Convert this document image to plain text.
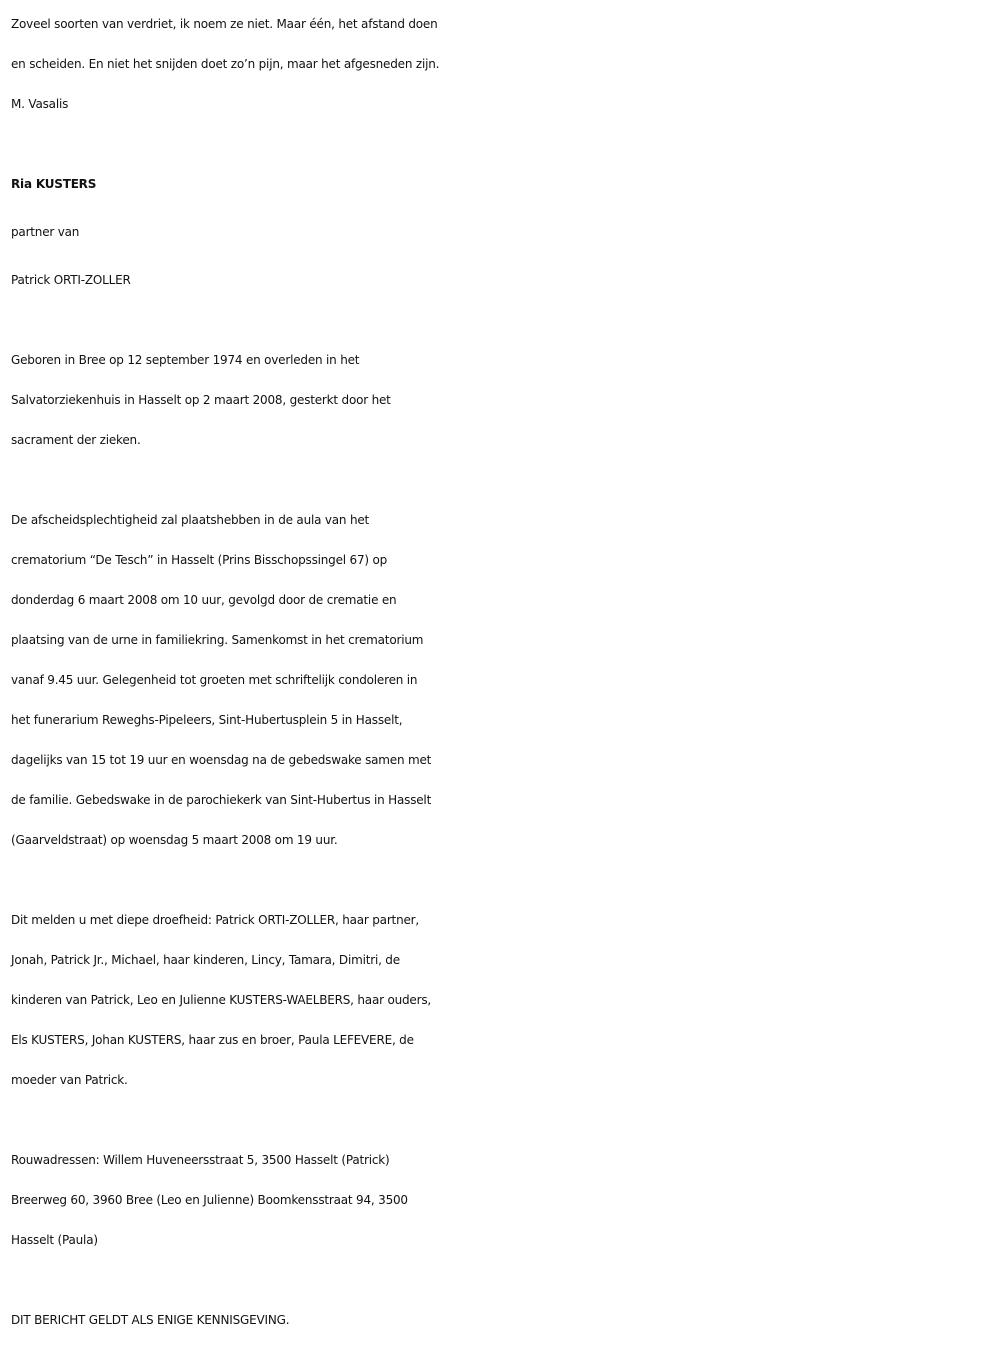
Zoveel soorten van verdriet, ik noem ze niet. Maar één, het afstand doen
en scheiden. En niet het snijden doet zo’n pijn, maar het afgesneden zijn.
M. Vasalis
Ria KUSTERS
partner van
Patrick ORTI-ZOLLER
Geboren in Bree op 12 september 1974 en overleden in het
Salvatorziekenhuis in Hasselt op 2 maart 2008, gesterkt door het
sacrament der zieken.
De afscheidsplechtigheid zal plaatshebben in de aula van het
crematorium “De Tesch” in Hasselt (Prins Bisschopssingel 67) op
donderdag 6 maart 2008 om 10 uur, gevolgd door de crematie en
plaatsing van de urne in familiekring. Samenkomst in het crematorium
vanaf 9.45 uur. Gelegenheid tot groeten met schriftelijk condoleren in
het funerarium Reweghs-Pipeleers, Sint-Hubertusplein 5 in Hasselt,
dagelijks van 15 tot 19 uur en woensdag na de gebedswake samen met
de familie. Gebedswake in de parochiekerk van Sint-Hubertus in Hasselt
(Gaarveldstraat) op woensdag 5 maart 2008 om 19 uur.
Dit melden u met diepe droefheid: Patrick ORTI-ZOLLER, haar partner,
Jonah, Patrick Jr., Michael, haar kinderen, Lincy, Tamara, Dimitri, de
kinderen van Patrick, Leo en Julienne KUSTERS-WAELBERS, haar ouders,
Els KUSTERS, Johan KUSTERS, haar zus en broer, Paula LEFEVERE, de
moeder van Patrick.
Rouwadressen: Willem Huveneersstraat 5, 3500 Hasselt (Patrick)
Breerweg 60, 3960 Bree (Leo en Julienne) Boomkensstraat 94, 3500
Hasselt (Paula)
DIT BERICHT GELDT ALS ENIGE KENNISGEVING.
